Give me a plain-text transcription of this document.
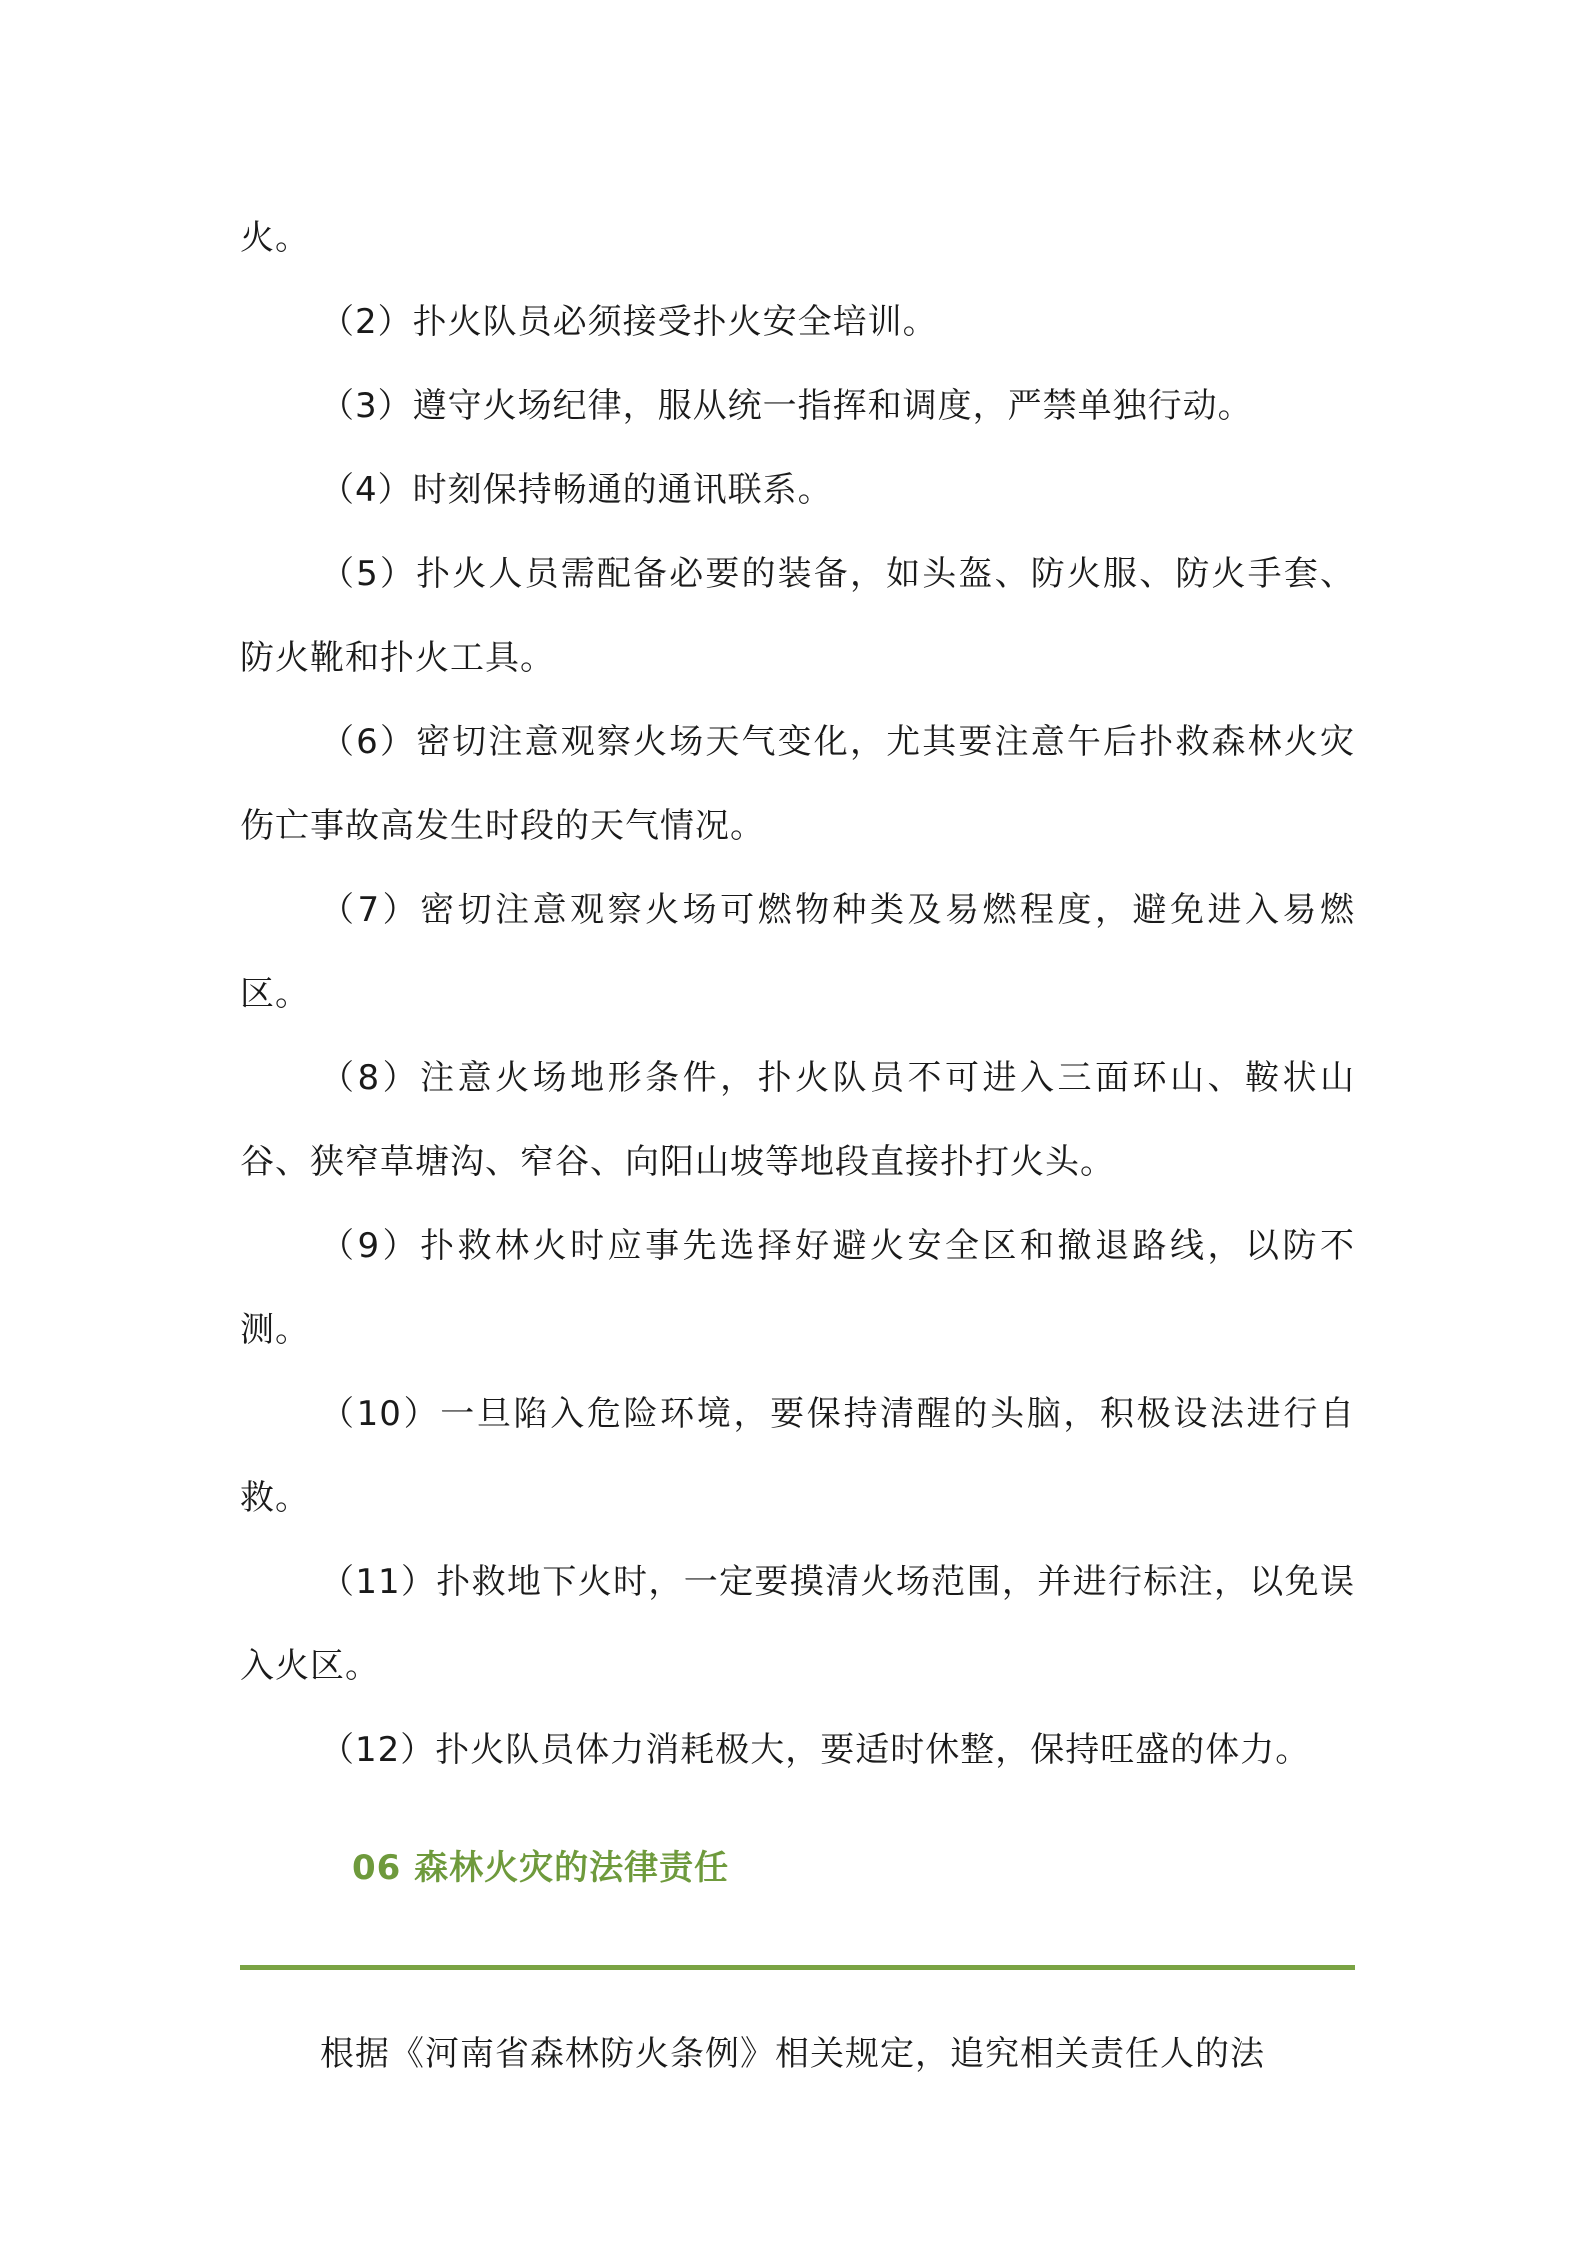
火。

（2）扑火队员必须接受扑火安全培训。

（3）遵守火场纪律，服从统一指挥和调度，严禁单独行动。

（4）时刻保持畅通的通讯联系。

（5）扑火人员需配备必要的装备，如头盔、防火服、防火手套、防火靴和扑火工具。

（6）密切注意观察火场天气变化，尤其要注意午后扑救森林火灾伤亡事故高发生时段的天气情况。

（7）密切注意观察火场可燃物种类及易燃程度，避免进入易燃区。

（8）注意火场地形条件，扑火队员不可进入三面环山、鞍状山谷、狭窄草塘沟、窄谷、向阳山坡等地段直接扑打火头。

（9）扑救林火时应事先选择好避火安全区和撤退路线，以防不测。

（10）一旦陷入危险环境，要保持清醒的头脑，积极设法进行自救。

（11）扑救地下火时，一定要摸清火场范围，并进行标注，以免误入火区。

（12）扑火队员体力消耗极大，要适时休整，保持旺盛的体力。

06 森林火灾的法律责任

根据《河南省森林防火条例》相关规定，追究相关责任人的法
